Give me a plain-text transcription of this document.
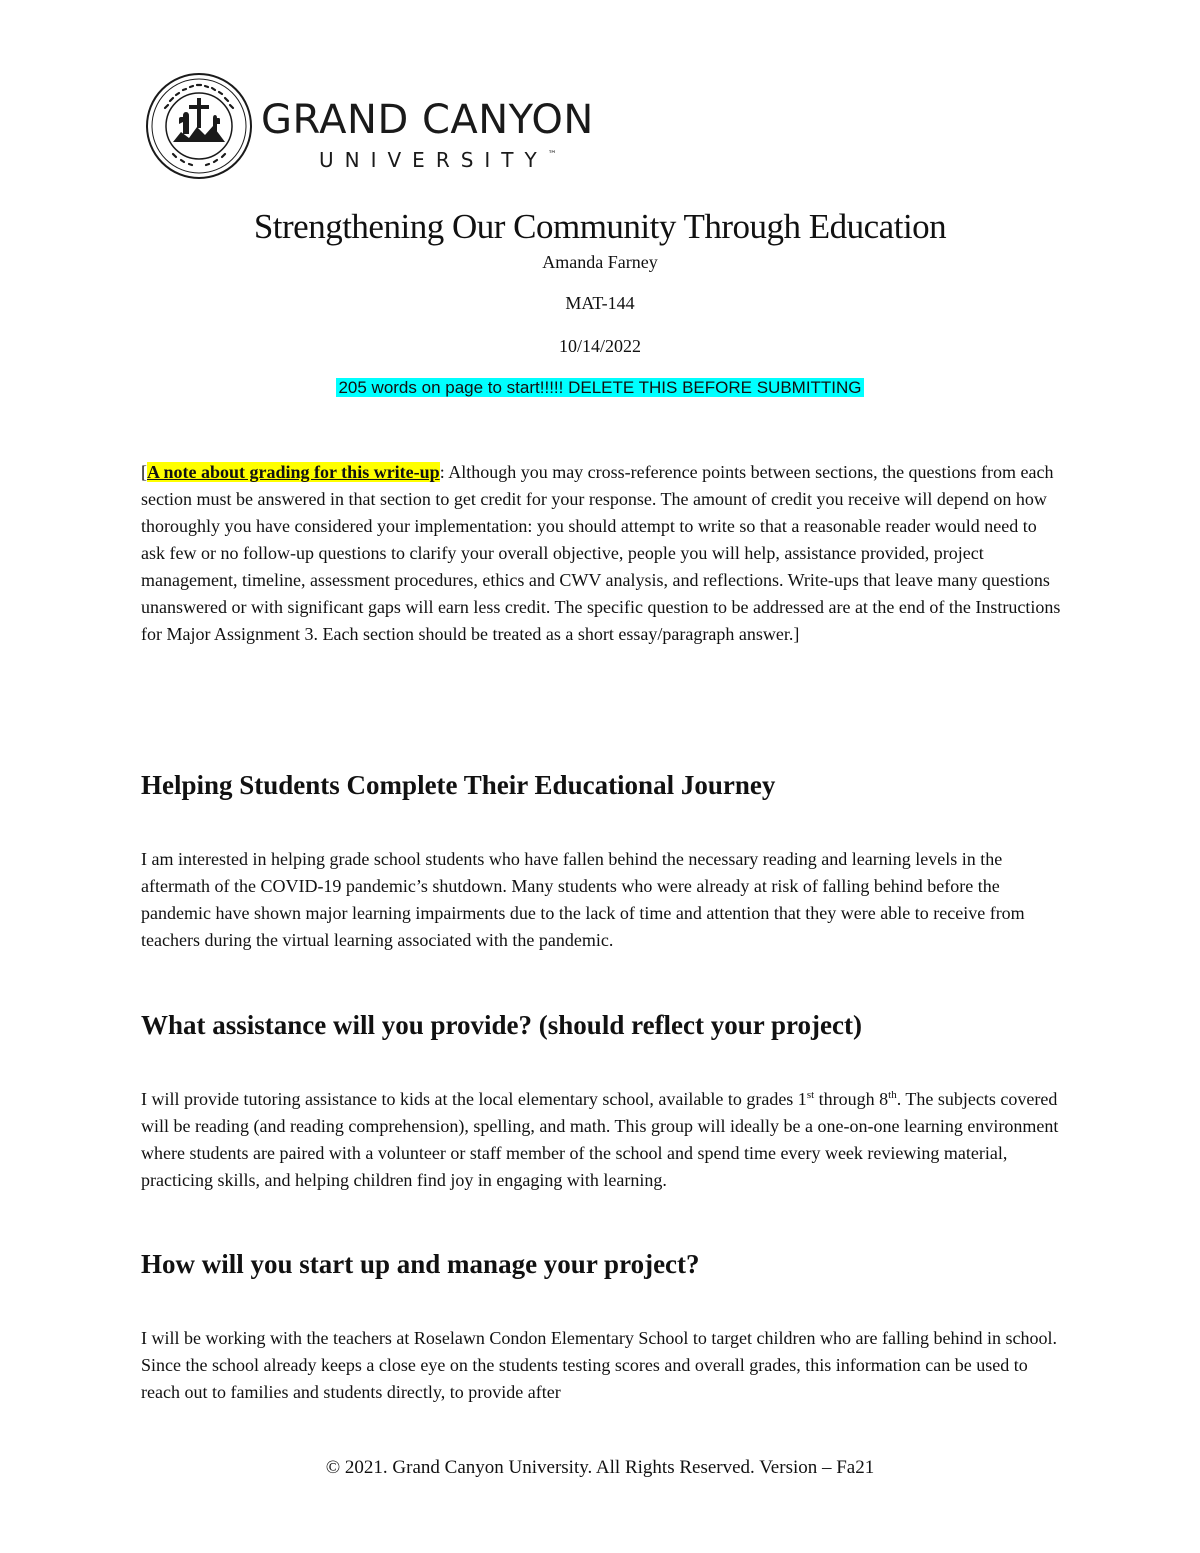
GRAND CANYON
UNIVERSITY™
Strengthening Our Community Through Education
Amanda Farney
MAT-144
10/14/2022
205 words on page to start!!!!! DELETE THIS BEFORE SUBMITTING

[A note about grading for this write-up: Although you may cross-reference points between sections, the questions from each section must be answered in that section to get credit for your response. The amount of credit you receive will depend on how thoroughly you have considered your implementation: you should attempt to write so that a reasonable reader would need to ask few or no follow-up questions to clarify your overall objective, people you will help, assistance provided, project management, timeline, assessment procedures, ethics and CWV analysis, and reflections. Write-ups that leave many questions unanswered or with significant gaps will earn less credit. The specific question to be addressed are at the end of the Instructions for Major Assignment 3. Each section should be treated as a short essay/paragraph answer.]

Helping Students Complete Their Educational Journey

I am interested in helping grade school students who have fallen behind the necessary reading and learning levels in the aftermath of the COVID-19 pandemic’s shutdown. Many students who were already at risk of falling behind before the pandemic have shown major learning impairments due to the lack of time and attention that they were able to receive from teachers during the virtual learning associated with the pandemic.

What assistance will you provide? (should reflect your project)

I will provide tutoring assistance to kids at the local elementary school, available to grades 1st through 8th. The subjects covered will be reading (and reading comprehension), spelling, and math. This group will ideally be a one-on-one learning environment where students are paired with a volunteer or staff member of the school and spend time every week reviewing material, practicing skills, and helping children find joy in engaging with learning.

How will you start up and manage your project?

I will be working with the teachers at Roselawn Condon Elementary School to target children who are falling behind in school. Since the school already keeps a close eye on the students testing scores and overall grades, this information can be used to reach out to families and students directly, to provide after

© 2021. Grand Canyon University. All Rights Reserved. Version – Fa21
